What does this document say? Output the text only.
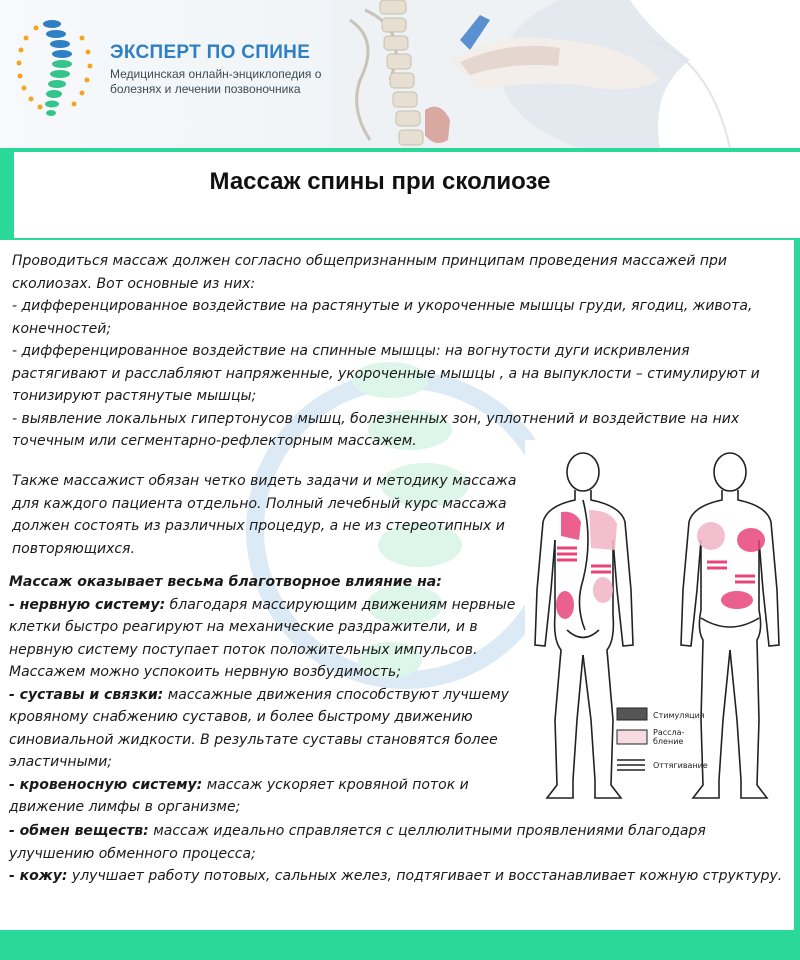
ЭКСПЕРТ ПО СПИНЕ
Медицинская онлайн-энциклопедия о болезнях и лечении позвоночника
Массаж спины при сколиозе
Проводиться массаж должен согласно общепризнанным принципам проведения массажей при сколиозах. Вот основные из них:
- дифференцированное воздействие на растянутые и укороченные мышцы груди, ягодиц, живота, конечностей;
- дифференцированное воздействие на спинные мышцы: на вогнутости дуги искривления растягивают и расслабляют напряженные, укороченные мышцы , а на выпуклости – стимулируют и тонизируют растянутые мышцы;
- выявление локальных гипертонусов мышц, болезненных зон, уплотнений и воздействие на них точечным или сегментарно-рефлекторным массажем.
Также массажист обязан четко видеть задачи и методику массажа для каждого пациента отдельно. Полный лечебный курс массажа должен состоять из различных процедур, а не из стереотипных и повторяющихся.
Массаж оказывает весьма благотворное влияние на:
- нервную систему: благодаря массирующим движениям нервные клетки быстро реагируют на механические раздражители, и в нервную систему поступает поток положительных импульсов. Массажем можно успокоить нервную возбудимость;
- суставы и связки: массажные движения способствуют лучшему кровяному снабжению суставов, и более быстрому движению синовиальной жидкости. В результате суставы становятся более эластичными;
- кровеносную систему: массаж ускоряет кровяной поток и движение лимфы в организме;
- обмен веществ: массаж идеально справляется с целлюлитными проявлениями благодаря улучшению обменного процесса;
- кожу: улучшает работу потовых, сальных желез, подтягивает и восстанавливает кожную структуру.
Стимуляция
Рассла-
бление
Оттягивание
